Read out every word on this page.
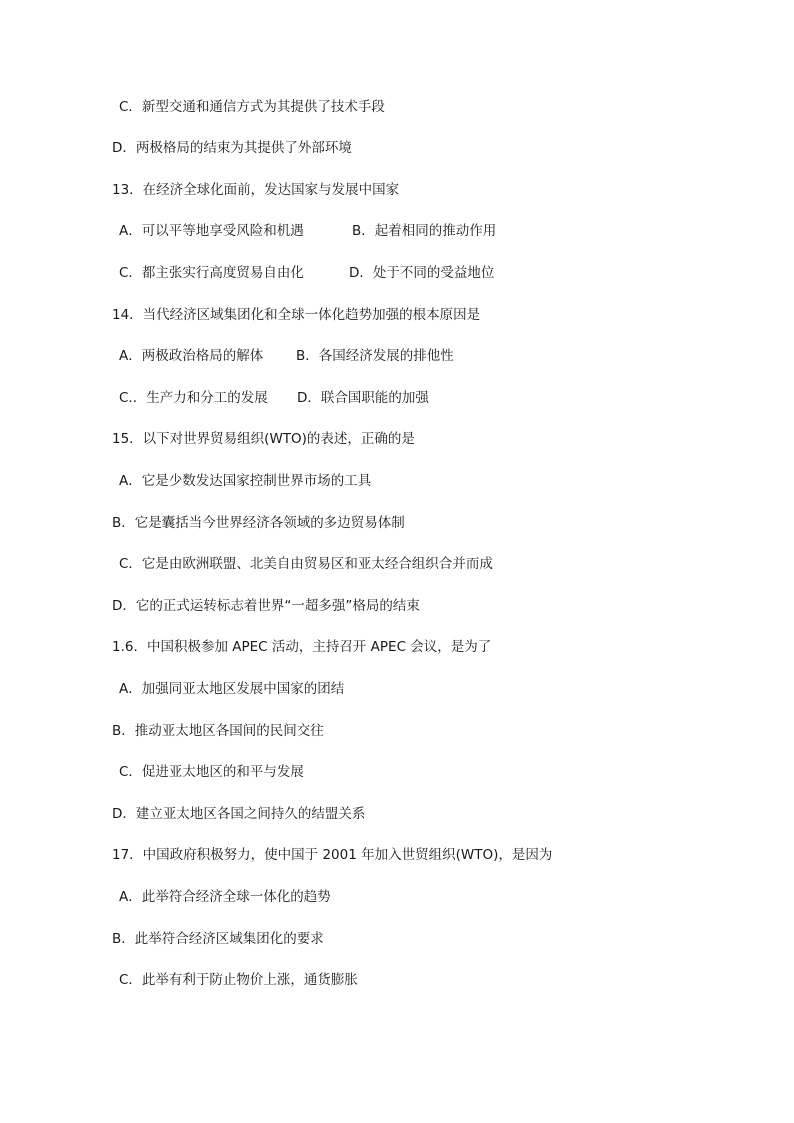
C．新型交通和通信方式为其提供了技术手段
D．两极格局的结束为其提供了外部环境
13．在经济全球化面前，发达国家与发展中国家
A．可以平等地享受风险和机遇	B．起着相同的推动作用
C．都主张实行高度贸易自由化	D．处于不同的受益地位
14．当代经济区域集团化和全球一体化趋势加强的根本原因是
A．两极政治格局的解体 B．各国经济发展的排他性
C.．生产力和分工的发展 D．联合国职能的加强
15．以下对世界贸易组织(WTO)的表述，正确的是
A．它是少数发达国家控制世界市场的工具
B．它是囊括当今世界经济各领域的多边贸易体制
C．它是由欧洲联盟、北美自由贸易区和亚太经合组织合并而成
D．它的正式运转标志着世界“一超多强”格局的结束
1.6．中国积极参加 APEC 活动，主持召开 APEC 会议，是为了
A．加强同亚太地区发展中国家的团结
B．推动亚太地区各国间的民间交往
C．促进亚太地区的和平与发展
D．建立亚太地区各国之间持久的结盟关系
17．中国政府积极努力，使中国于 2001 年加入世贸组织(WTO)，是因为
A．此举符合经济全球一体化的趋势
B．此举符合经济区域集团化的要求
C．此举有利于防止物价上涨，通货膨胀
